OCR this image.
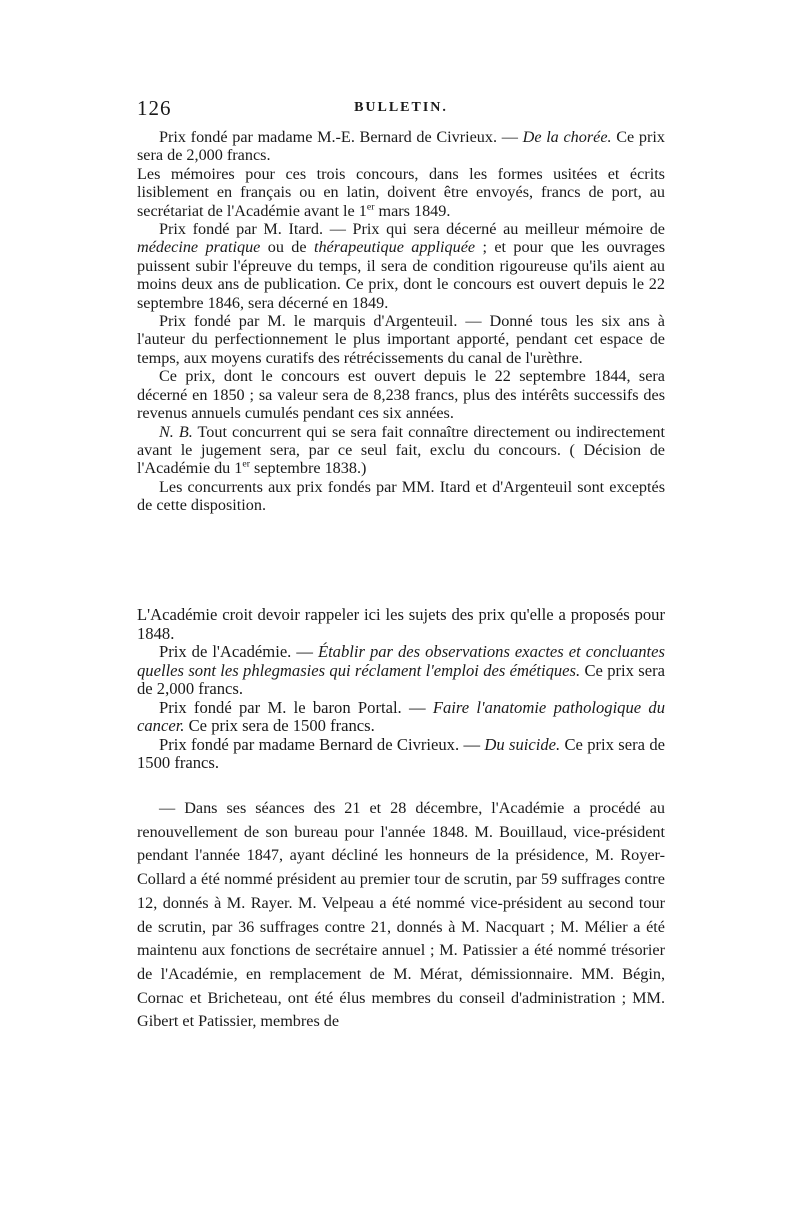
126	BULLETIN.

Prix fondé par madame M.-E. Bernard de Civrieux. — De la chorée. Ce prix sera de 2,000 francs.

Les mémoires pour ces trois concours, dans les formes usitées et écrits lisiblement en français ou en latin, doivent être envoyés, francs de port, au secrétariat de l'Académie avant le 1er mars 1849.

Prix fondé par M. Itard. — Prix qui sera décerné au meilleur mémoire de médecine pratique ou de thérapeutique appliquée ; et pour que les ouvrages puissent subir l'épreuve du temps, il sera de condition rigoureuse qu'ils aient au moins deux ans de publication. Ce prix, dont le concours est ouvert depuis le 22 septembre 1846, sera décerné en 1849.

Prix fondé par M. le marquis d'Argenteuil. — Donné tous les six ans à l'auteur du perfectionnement le plus important apporté, pendant cet espace de temps, aux moyens curatifs des rétrécissements du canal de l'urèthre.

Ce prix, dont le concours est ouvert depuis le 22 septembre 1844, sera décerné en 1850 ; sa valeur sera de 8,238 francs, plus des intérêts successifs des revenus annuels cumulés pendant ces six années.

N. B. Tout concurrent qui se sera fait connaître directement ou indirectement avant le jugement sera, par ce seul fait, exclu du concours. ( Décision de l'Académie du 1er septembre 1838.)

Les concurrents aux prix fondés par MM. Itard et d'Argenteuil sont exceptés de cette disposition.

L'Académie croit devoir rappeler ici les sujets des prix qu'elle a proposés pour 1848.

Prix de l'Académie. — Établir par des observations exactes et concluantes quelles sont les phlegmasies qui réclament l'emploi des émétiques. Ce prix sera de 2,000 francs.

Prix fondé par M. le baron Portal. — Faire l'anatomie pathologique du cancer. Ce prix sera de 1500 francs.

Prix fondé par madame Bernard de Civrieux. — Du suicide. Ce prix sera de 1500 francs.

— Dans ses séances des 21 et 28 décembre, l'Académie a procédé au renouvellement de son bureau pour l'année 1848. M. Bouillaud, vice-président pendant l'année 1847, ayant décliné les honneurs de la présidence, M. Royer-Collard a été nommé président au premier tour de scrutin, par 59 suffrages contre 12, donnés à M. Rayer. M. Velpeau a été nommé vice-président au second tour de scrutin, par 36 suffrages contre 21, donnés à M. Nacquart ; M. Mélier a été maintenu aux fonctions de secrétaire annuel ; M. Patissier a été nommé trésorier de l'Académie, en remplacement de M. Mérat, démissionnaire. MM. Bégin, Cornac et Bricheteau, ont été élus membres du conseil d'administration ; MM. Gibert et Patissier, membres de
